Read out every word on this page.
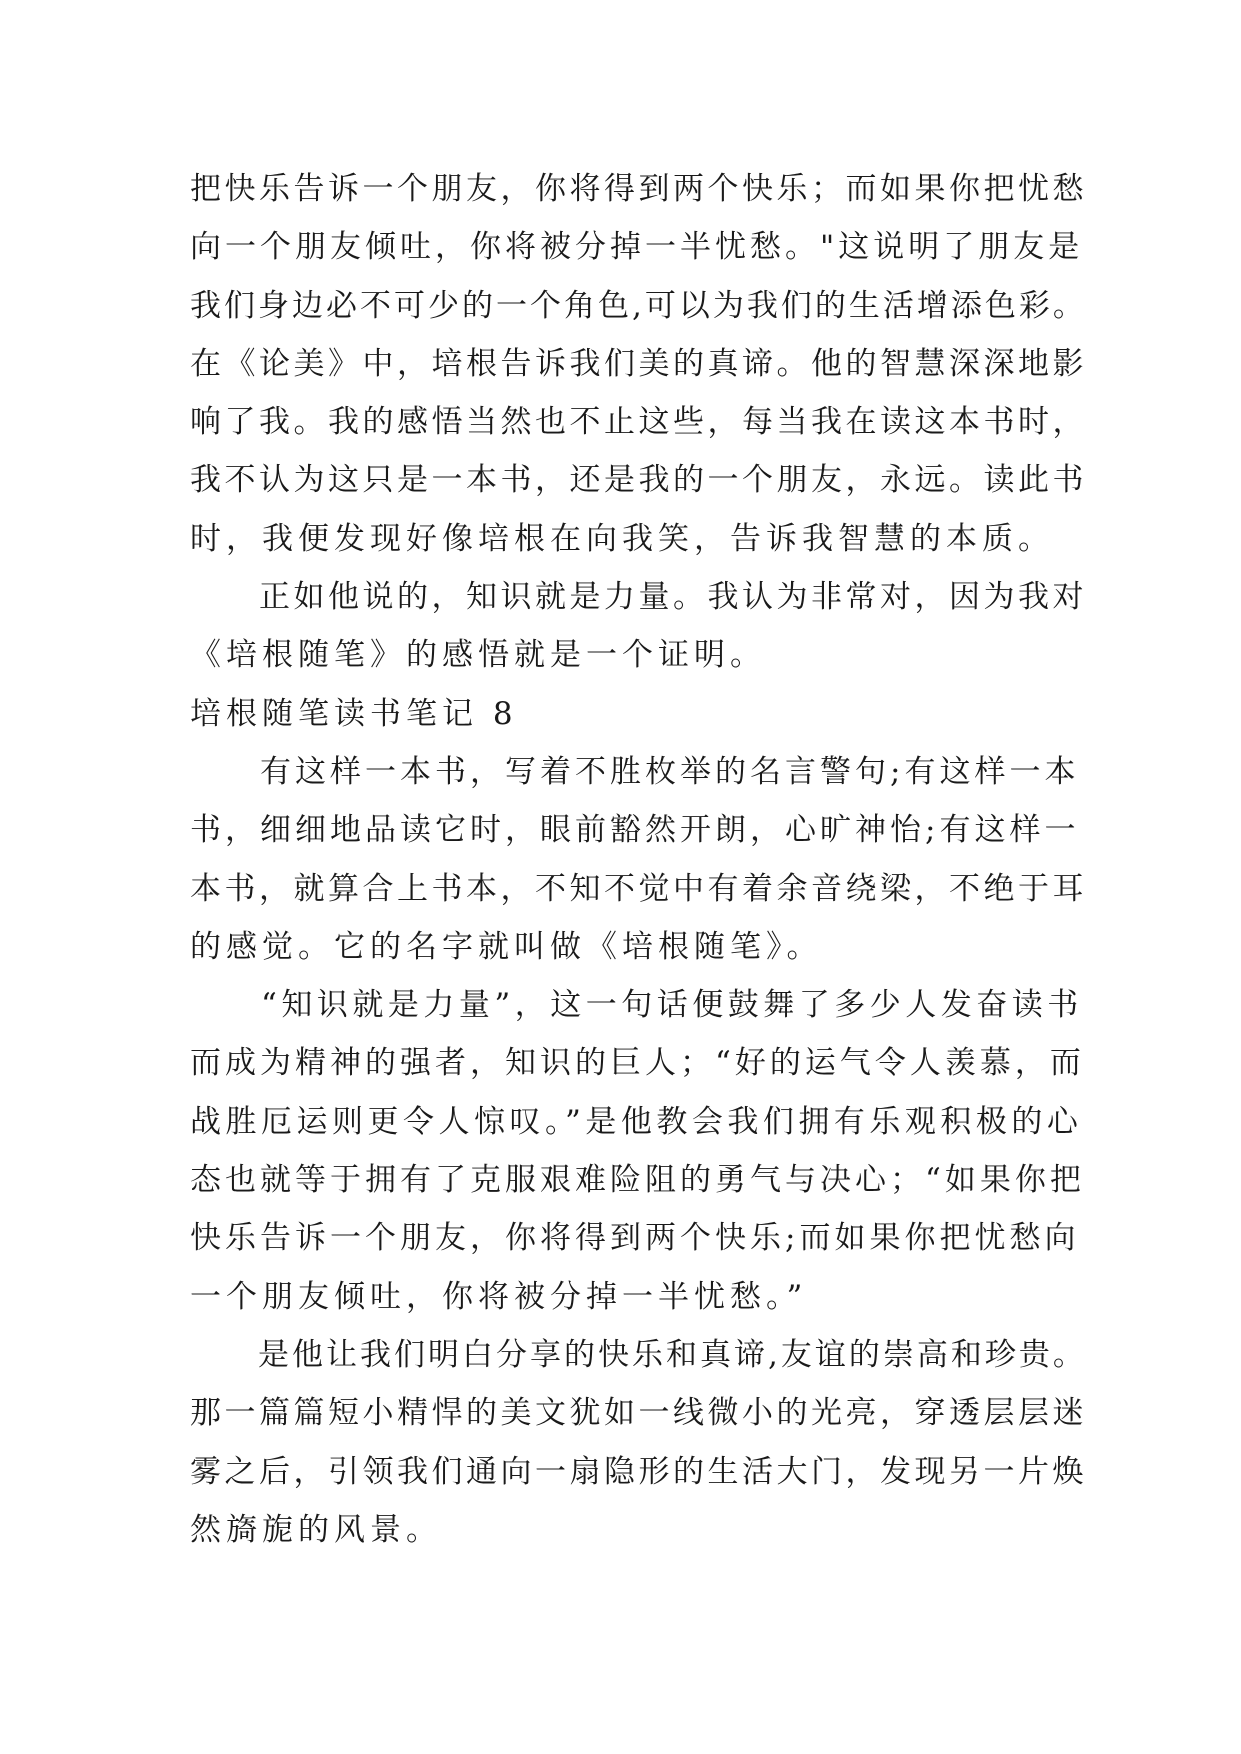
把快乐告诉一个朋友，你将得到两个快乐；而如果你把忧愁
向一个朋友倾吐，你将被分掉一半忧愁。"这说明了朋友是
我们身边必不可少的一个角色,可以为我们的生活增添色彩。
在《论美》中，培根告诉我们美的真谛。他的智慧深深地影
响了我。我的感悟当然也不止这些，每当我在读这本书时，
我不认为这只是一本书，还是我的一个朋友，永远。读此书
时，我便发现好像培根在向我笑，告诉我智慧的本质。
　　正如他说的，知识就是力量。我认为非常对，因为我对
《培根随笔》的感悟就是一个证明。
培根随笔读书笔记 8
　　有这样一本书，写着不胜枚举的名言警句;有这样一本
书，细细地品读它时，眼前豁然开朗，心旷神怡;有这样一
本书，就算合上书本，不知不觉中有着余音绕梁，不绝于耳
的感觉。它的名字就叫做《培根随笔》。
　　“知识就是力量”，这一句话便鼓舞了多少人发奋读书
而成为精神的强者，知识的巨人；“好的运气令人羡慕，而
战胜厄运则更令人惊叹。”是他教会我们拥有乐观积极的心
态也就等于拥有了克服艰难险阻的勇气与决心；“如果你把
快乐告诉一个朋友，你将得到两个快乐;而如果你把忧愁向
一个朋友倾吐，你将被分掉一半忧愁。”
　　是他让我们明白分享的快乐和真谛,友谊的崇高和珍贵。
那一篇篇短小精悍的美文犹如一线微小的光亮，穿透层层迷
雾之后，引领我们通向一扇隐形的生活大门，发现另一片焕
然旖旎的风景。
